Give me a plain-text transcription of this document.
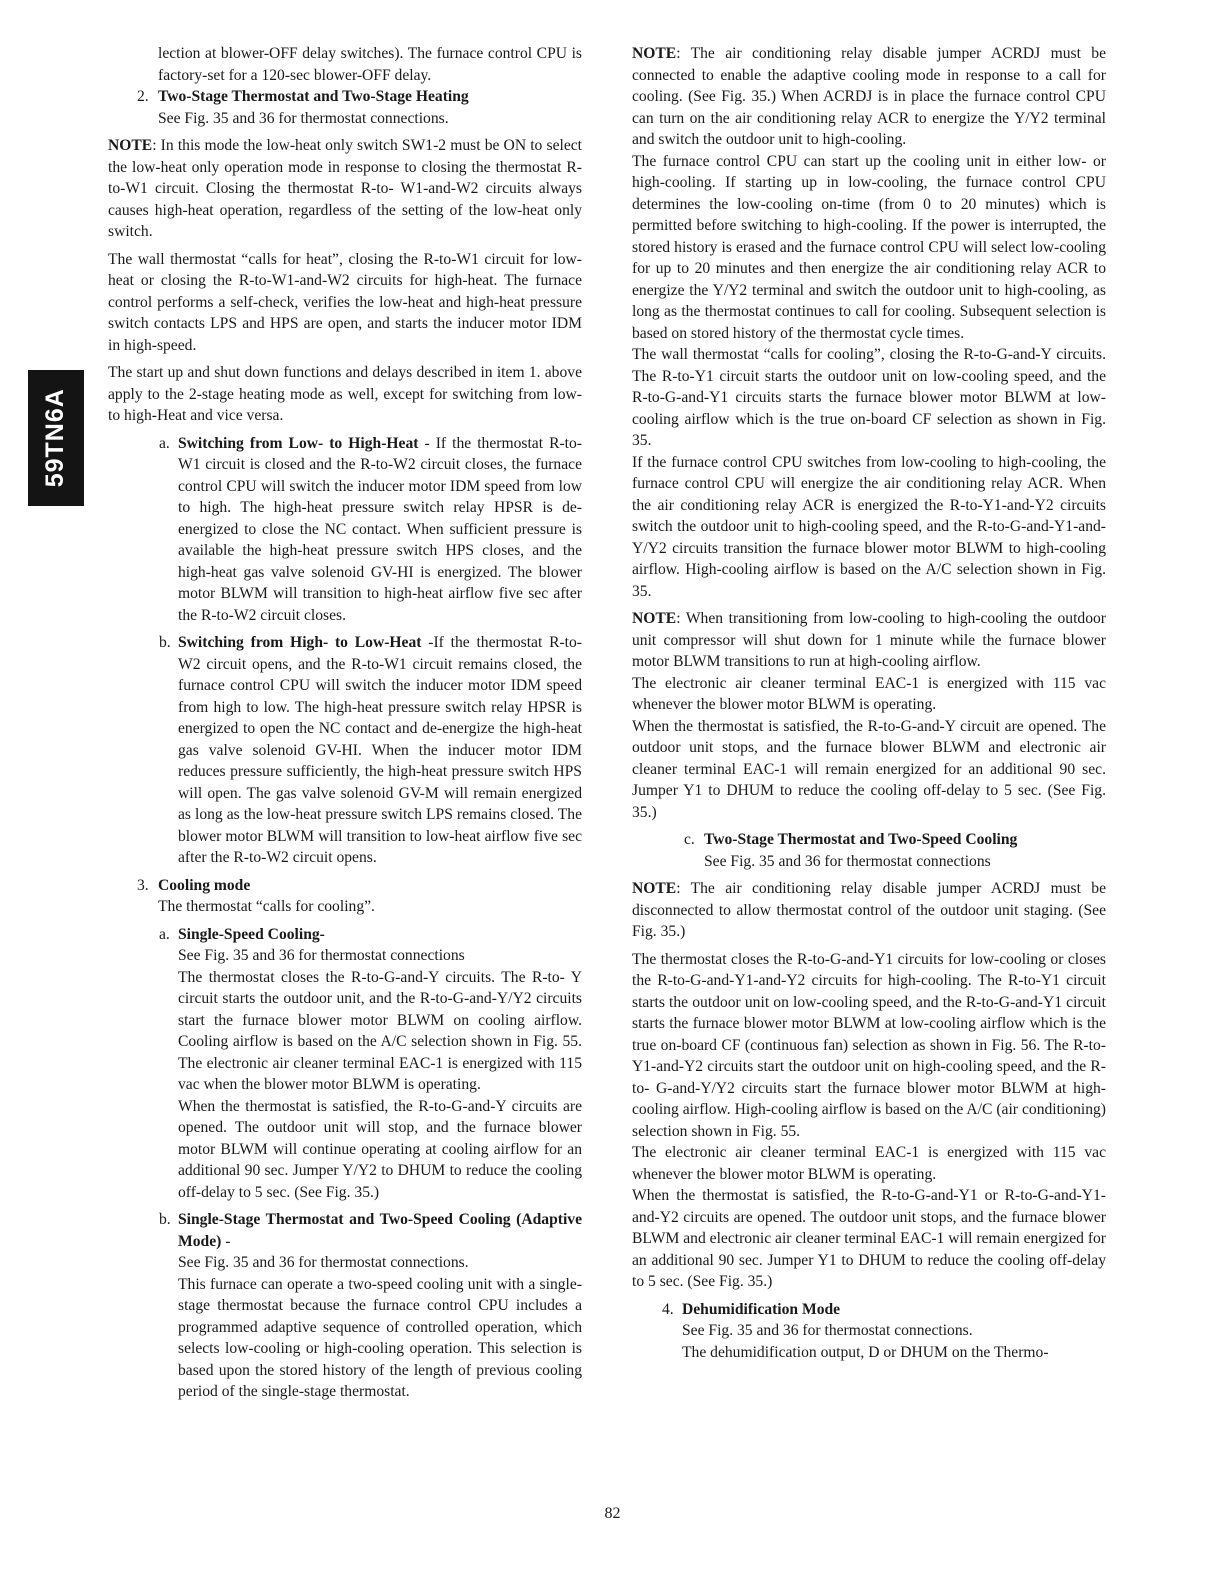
59TN6A

lection at blower-OFF delay switches). The furnace control CPU is factory-set for a 120-sec blower-OFF delay.

2. Two-Stage Thermostat and Two-Stage Heating

See Fig. 35 and 36 for thermostat connections.

NOTE: In this mode the low-heat only switch SW1-2 must be ON to select the low-heat only operation mode in response to closing the thermostat R-to-W1 circuit. Closing the thermostat R-to- W1-and-W2 circuits always causes high-heat operation, regardless of the setting of the low-heat only switch.

The wall thermostat “calls for heat”, closing the R-to-W1 circuit for low-heat or closing the R-to-W1-and-W2 circuits for high-heat. The furnace control performs a self-check, verifies the low-heat and high-heat pressure switch contacts LPS and HPS are open, and starts the inducer motor IDM in high-speed.

The start up and shut down functions and delays described in item 1. above apply to the 2-stage heating mode as well, except for switching from low- to high-Heat and vice versa.

a. Switching from Low- to High-Heat - If the thermostat R-to-W1 circuit is closed and the R-to-W2 circuit closes, the furnace control CPU will switch the inducer motor IDM speed from low to high. The high-heat pressure switch relay HPSR is de-energized to close the NC contact. When sufficient pressure is available the high-heat pressure switch HPS closes, and the high-heat gas valve solenoid GV-HI is energized. The blower motor BLWM will transition to high-heat airflow five sec after the R-to-W2 circuit closes.

b. Switching from High- to Low-Heat -If the thermostat R-to- W2 circuit opens, and the R-to-W1 circuit remains closed, the furnace control CPU will switch the inducer motor IDM speed from high to low. The high-heat pressure switch relay HPSR is energized to open the NC contact and de-energize the high-heat gas valve solenoid GV-HI. When the inducer motor IDM reduces pressure sufficiently, the high-heat pressure switch HPS will open. The gas valve solenoid GV-M will remain energized as long as the low-heat pressure switch LPS remains closed. The blower motor BLWM will transition to low-heat airflow five sec after the R-to-W2 circuit opens.

3. Cooling mode

The thermostat “calls for cooling”.

a. Single-Speed Cooling-

See Fig. 35 and 36 for thermostat connections

The thermostat closes the R-to-G-and-Y circuits. The R-to- Y circuit starts the outdoor unit, and the R-to-G-and-Y/Y2 circuits start the furnace blower motor BLWM on cooling airflow. Cooling airflow is based on the A/C selection shown in Fig. 55. The electronic air cleaner terminal EAC-1 is energized with 115 vac when the blower motor BLWM is operating.

When the thermostat is satisfied, the R-to-G-and-Y circuits are opened. The outdoor unit will stop, and the furnace blower motor BLWM will continue operating at cooling airflow for an additional 90 sec. Jumper Y/Y2 to DHUM to reduce the cooling off-delay to 5 sec. (See Fig. 35.)

b. Single-Stage Thermostat and Two-Speed Cooling (Adaptive Mode) -

See Fig. 35 and 36 for thermostat connections.

This furnace can operate a two-speed cooling unit with a single-stage thermostat because the furnace control CPU includes a programmed adaptive sequence of controlled operation, which selects low-cooling or high-cooling operation. This selection is based upon the stored history of the length of previous cooling period of the single-stage thermostat.

NOTE: The air conditioning relay disable jumper ACRDJ must be connected to enable the adaptive cooling mode in response to a call for cooling. (See Fig. 35.) When ACRDJ is in place the furnace control CPU can turn on the air conditioning relay ACR to energize the Y/Y2 terminal and switch the outdoor unit to high-cooling.

The furnace control CPU can start up the cooling unit in either low- or high-cooling. If starting up in low-cooling, the furnace control CPU determines the low-cooling on-time (from 0 to 20 minutes) which is permitted before switching to high-cooling. If the power is interrupted, the stored history is erased and the furnace control CPU will select low-cooling for up to 20 minutes and then energize the air conditioning relay ACR to energize the Y/Y2 terminal and switch the outdoor unit to high-cooling, as long as the thermostat continues to call for cooling. Subsequent selection is based on stored history of the thermostat cycle times.

The wall thermostat “calls for cooling”, closing the R-to-G-and-Y circuits. The R-to-Y1 circuit starts the outdoor unit on low-cooling speed, and the R-to-G-and-Y1 circuits starts the furnace blower motor BLWM at low-cooling airflow which is the true on-board CF selection as shown in Fig. 35.

If the furnace control CPU switches from low-cooling to high-cooling, the furnace control CPU will energize the air conditioning relay ACR. When the air conditioning relay ACR is energized the R-to-Y1-and-Y2 circuits switch the outdoor unit to high-cooling speed, and the R-to-G-and-Y1-and-Y/Y2 circuits transition the furnace blower motor BLWM to high-cooling airflow. High-cooling airflow is based on the A/C selection shown in Fig. 35.

NOTE: When transitioning from low-cooling to high-cooling the outdoor unit compressor will shut down for 1 minute while the furnace blower motor BLWM transitions to run at high-cooling airflow.

The electronic air cleaner terminal EAC-1 is energized with 115 vac whenever the blower motor BLWM is operating.

When the thermostat is satisfied, the R-to-G-and-Y circuit are opened. The outdoor unit stops, and the furnace blower BLWM and electronic air cleaner terminal EAC-1 will remain energized for an additional 90 sec. Jumper Y1 to DHUM to reduce the cooling off-delay to 5 sec. (See Fig. 35.)

c. Two-Stage Thermostat and Two-Speed Cooling

See Fig. 35 and 36 for thermostat connections

NOTE: The air conditioning relay disable jumper ACRDJ must be disconnected to allow thermostat control of the outdoor unit staging. (See Fig. 35.)

The thermostat closes the R-to-G-and-Y1 circuits for low-cooling or closes the R-to-G-and-Y1-and-Y2 circuits for high-cooling. The R-to-Y1 circuit starts the outdoor unit on low-cooling speed, and the R-to-G-and-Y1 circuit starts the furnace blower motor BLWM at low-cooling airflow which is the true on-board CF (continuous fan) selection as shown in Fig. 56. The R-to-Y1-and-Y2 circuits start the outdoor unit on high-cooling speed, and the R-to- G-and-Y/Y2 circuits start the furnace blower motor BLWM at high-cooling airflow. High-cooling airflow is based on the A/C (air conditioning) selection shown in Fig. 55.

The electronic air cleaner terminal EAC-1 is energized with 115 vac whenever the blower motor BLWM is operating.

When the thermostat is satisfied, the R-to-G-and-Y1 or R-to-G-and-Y1-and-Y2 circuits are opened. The outdoor unit stops, and the furnace blower BLWM and electronic air cleaner terminal EAC-1 will remain energized for an additional 90 sec. Jumper Y1 to DHUM to reduce the cooling off-delay to 5 sec. (See Fig. 35.)

4. Dehumidification Mode

See Fig. 35 and 36 for thermostat connections.

The dehumidification output, D or DHUM on the Thermo-

82
